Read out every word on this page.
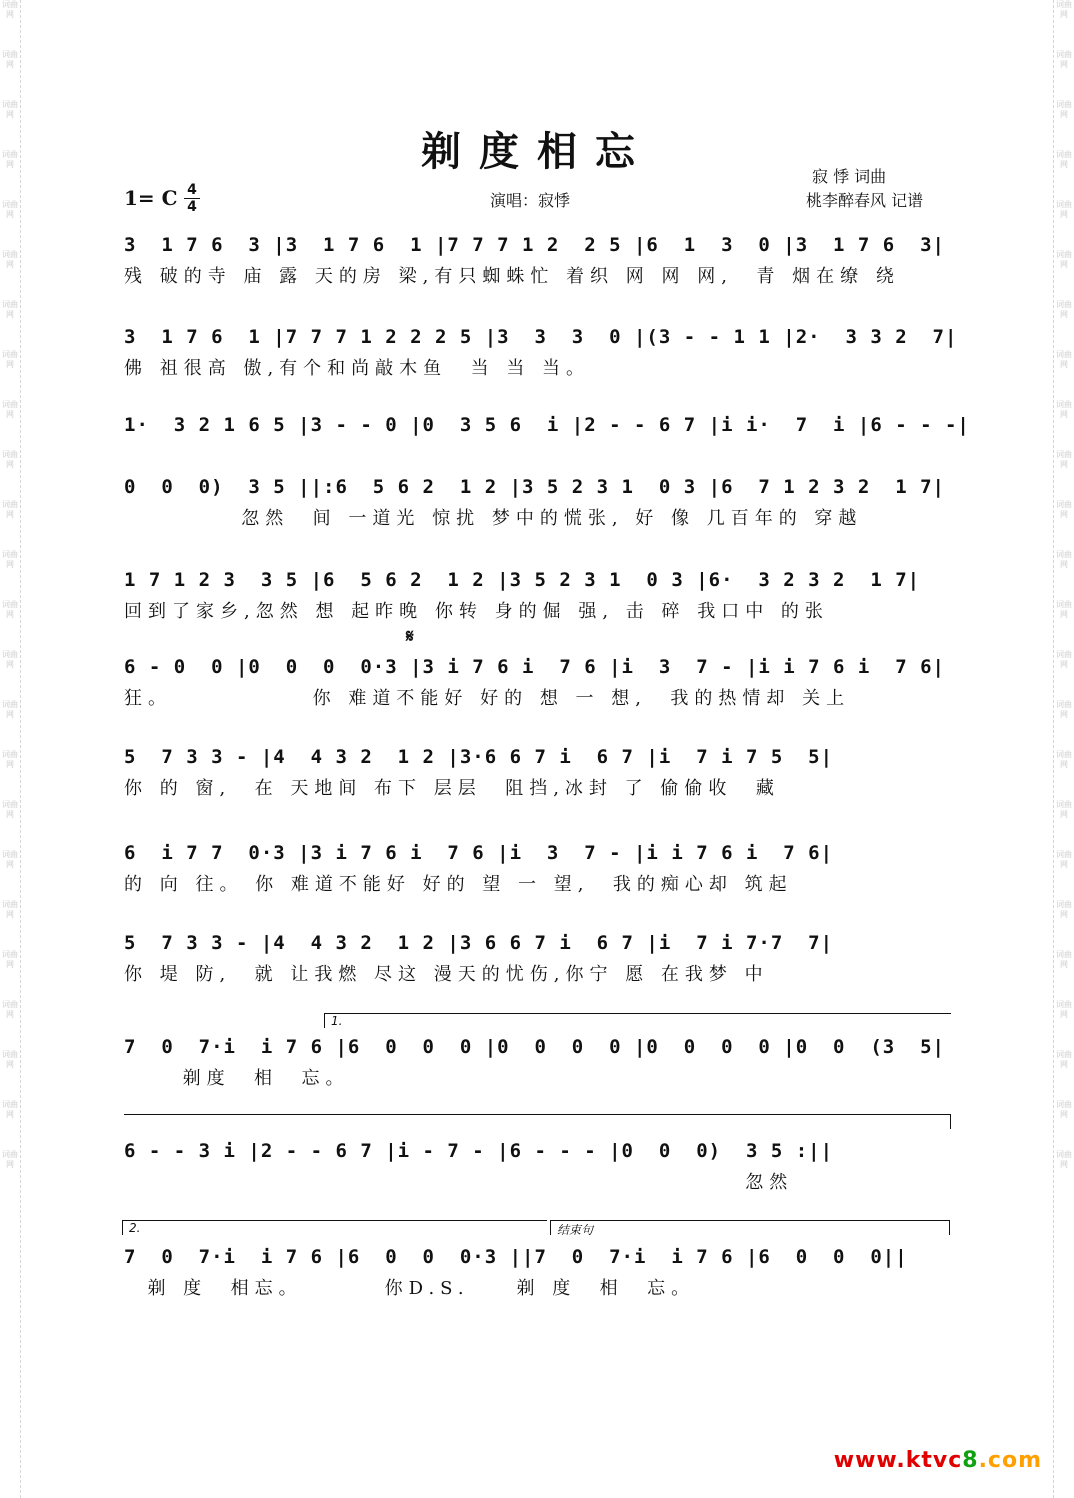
词曲网
词曲网
词曲网
词曲网
词曲网
词曲网
词曲网
词曲网
词曲网
词曲网
词曲网
词曲网
词曲网
词曲网
词曲网
词曲网
词曲网
词曲网
词曲网
词曲网
词曲网
词曲网
词曲网
词曲网
词曲网
词曲网
词曲网
词曲网
词曲网
词曲网
词曲网
词曲网
词曲网
词曲网
词曲网
词曲网
词曲网
词曲网
词曲网
词曲网
词曲网
词曲网
词曲网
词曲网
词曲网
词曲网
词曲网
词曲网
剃度相忘
寂 悸 词曲
桃李醉春风 记谱
演唱：寂悸
1= C 4
4
3  1 7 6  3 |3  1 7 6  1 |7 7 7 1 2  2 5 |6  1  3  0 |3  1 7 6  3|
残 破的寺 庙 露 天的房 梁,有只蜘蛛忙 着织 网 网 网,  青 烟在缭 绕
3  1 7 6  1 |7 7 7 1 2 2 2 5 |3  3  3  0 |(3 - - 1 1 |2·  3 3 2  7|
佛 祖很高 傲,有个和尚敲木鱼  当 当 当。
1·  3 2 1 6 5 |3 - - 0 |0  3 5 6  i |2 - - 6 7 |i i·  7  i |6 - - -|
0  0  0)  3 5 ||:6  5 6 2  1 2 |3 5 2 3 1  0 3 |6  7 1 2 3 2  1 7|
忽然  间 一道光 惊扰 梦中的慌张, 好 像 几百年的 穿越
1 7 1 2 3  3 5 |6  5 6 2  1 2 |3 5 2 3 1  0 3 |6·  3 2 3 2  1 7|
回到了家乡,忽然 想 起昨晚 你转 身的倔 强, 击 碎 我口中 的张
𝄋
6 - 0  0 |0  0  0  0·3 |3 i 7 6 i  7 6 |i  3  7 - |i i 7 6 i  7 6|
狂。            你 难道不能好 好的 想 一 想,  我的热情却 关上
5  7 3 3 - |4  4 3 2  1 2 |3·6 6 7 i  6 7 |i  7 i 7 5  5|
你 的 窗,  在 天地间 布下 层层  阻挡,冰封 了 偷偷收  藏
6  i 7 7  0·3 |3 i 7 6 i  7 6 |i  3  7 - |i i 7 6 i  7 6|
的 向 往。 你 难道不能好 好的 望 一 望,  我的痴心却 筑起
5  7 3 3 - |4  4 3 2  1 2 |3 6 6 7 i  6 7 |i  7 i 7·7  7|
你 堤 防,  就 让我燃 尽这 漫天的忧伤,你宁 愿 在我梦 中
1.
7  0  7·i  i 7 6 |6  0  0  0 |0  0  0  0 |0  0  0  0 |0  0  (3  5|
剃度  相  忘。
6 - - 3 i |2 - - 6 7 |i - 7 - |6 - - - |0  0  0)  3 5 :||
忽然
2.	结束句
7  0  7·i  i 7 6 |6  0  0  0·3 ||7  0  7·i  i 7 6 |6  0  0  0||
剃 度  相忘。       你D.S.    剃 度  相  忘。
www.ktvc8.com
